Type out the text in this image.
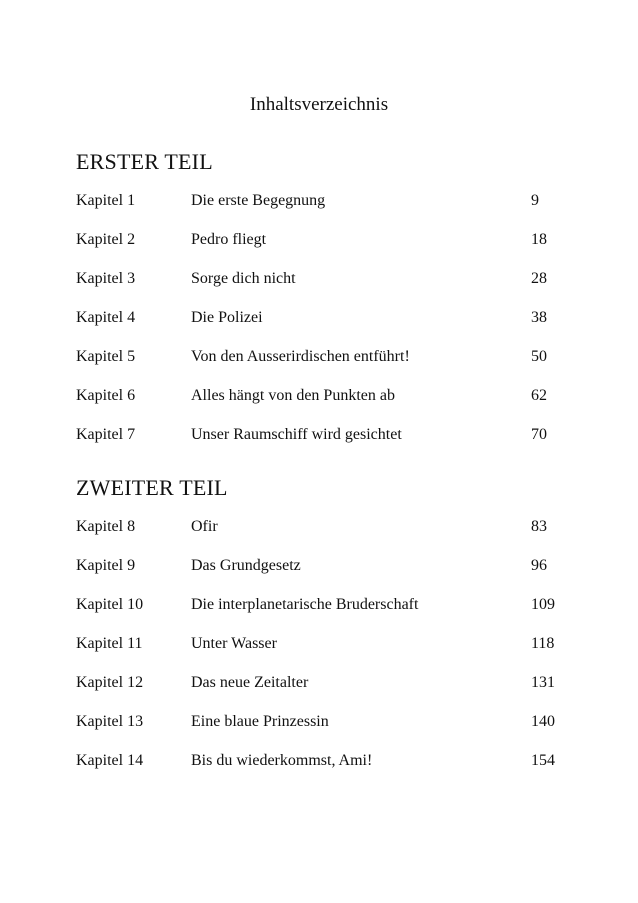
Inhaltsverzeichnis
ERSTER TEIL
Kapitel 1	Die erste Begegnung	9
Kapitel 2	Pedro fliegt	18
Kapitel 3	Sorge dich nicht	28
Kapitel 4	Die Polizei	38
Kapitel 5	Von den Ausserirdischen entführt!	50
Kapitel 6	Alles hängt von den Punkten ab	62
Kapitel 7	Unser Raumschiff wird gesichtet	70
ZWEITER TEIL
Kapitel 8	Ofir	83
Kapitel 9	Das Grundgesetz	96
Kapitel 10	Die interplanetarische Bruderschaft	109
Kapitel 11	Unter Wasser	118
Kapitel 12	Das neue Zeitalter	131
Kapitel 13	Eine blaue Prinzessin	140
Kapitel 14	Bis du wiederkommst, Ami!	154
